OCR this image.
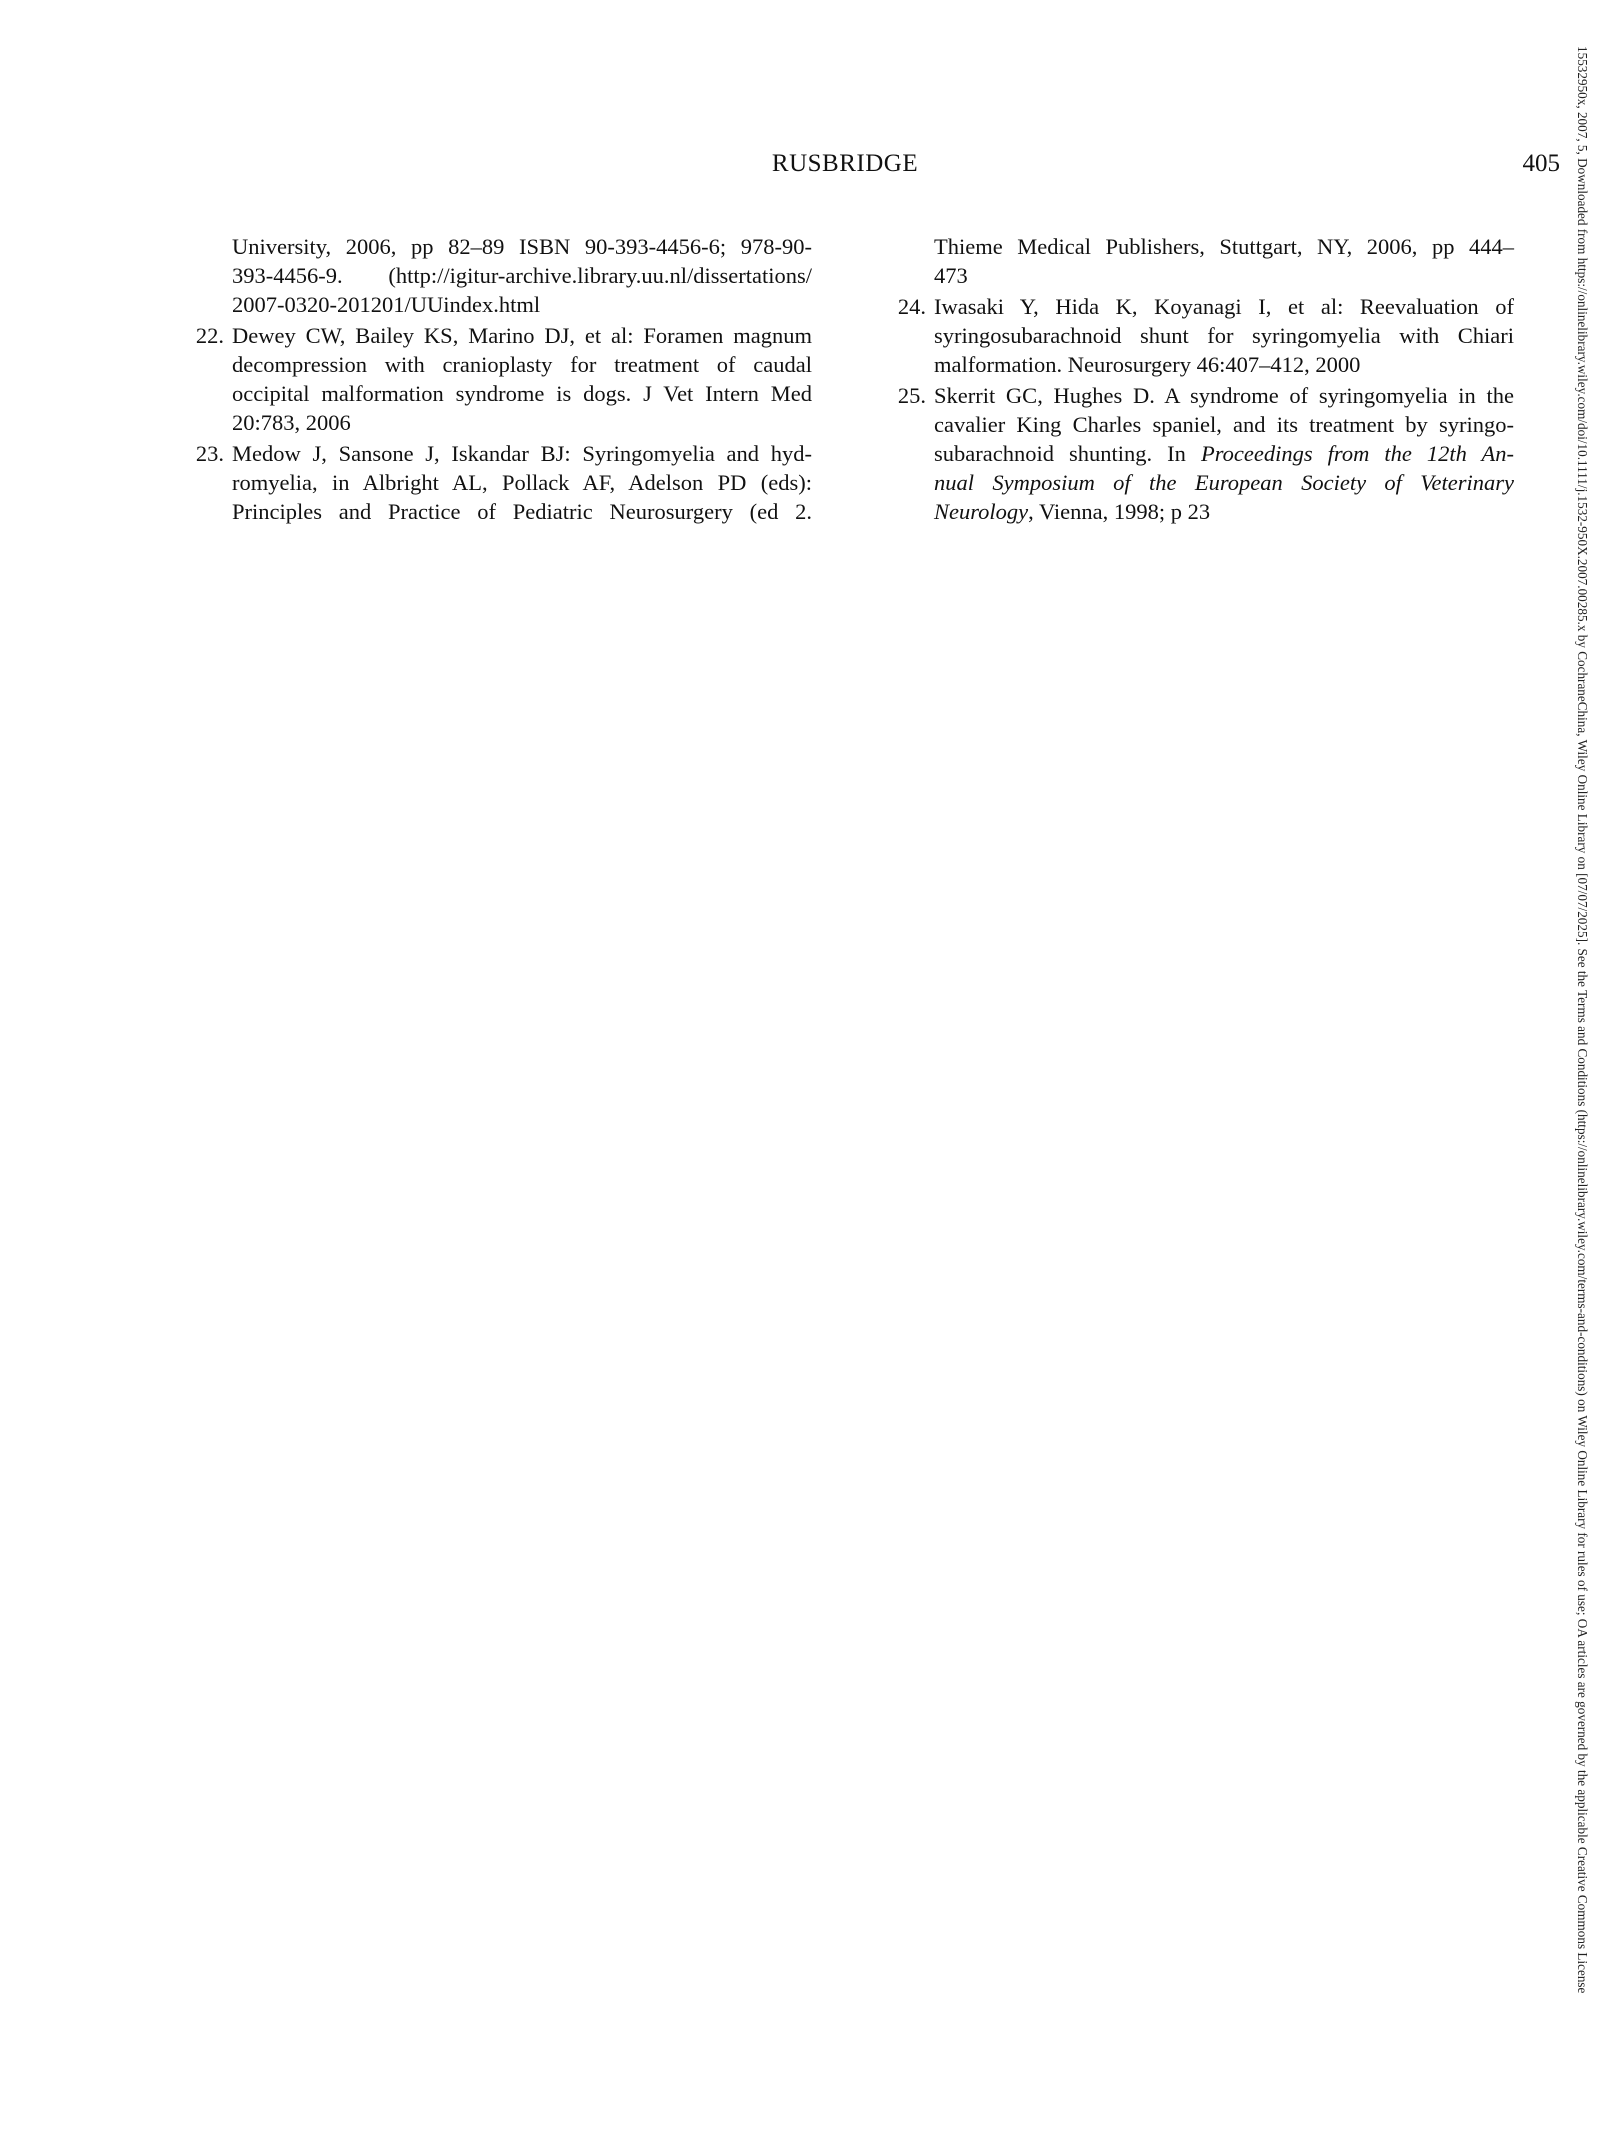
RUSBRIDGE	405
University, 2006, pp 82–89 ISBN 90-393-4456-6; 978-90-
393-4456-9. (http://igitur-archive.library.uu.nl/dissertations/
2007-0320-201201/UUindex.html
22. Dewey CW, Bailey KS, Marino DJ, et al: Foramen magnum
decompression with cranioplasty for treatment of caudal
occipital malformation syndrome is dogs. J Vet Intern Med
20:783, 2006
23. Medow J, Sansone J, Iskandar BJ: Syringomyelia and hyd-
romyelia, in Albright AL, Pollack AF, Adelson PD (eds):
Principles and Practice of Pediatric Neurosurgery (ed 2.
Thieme Medical Publishers, Stuttgart, NY, 2006, pp 444–
473
24. Iwasaki Y, Hida K, Koyanagi I, et al: Reevaluation of
syringosubarachnoid shunt for syringomyelia with Chiari
malformation. Neurosurgery 46:407–412, 2000
25. Skerrit GC, Hughes D. A syndrome of syringomyelia in the
cavalier King Charles spaniel, and its treatment by syringo-
subarachnoid shunting. In Proceedings from the 12th An-
nual Symposium of the European Society of Veterinary
Neurology, Vienna, 1998; p 23	15532950x, 2007, 5, Downloaded from https://onlinelibrary.wiley.com/doi/10.1111/j.1532-950X.2007.00285.x by CochraneChina, Wiley Online Library on [07/07/2025]. See the Terms and Conditions (https://onlinelibrary.wiley.com/terms-and-conditions) on Wiley Online Library for rules of use; OA articles are governed by the applicable Creative Commons License
